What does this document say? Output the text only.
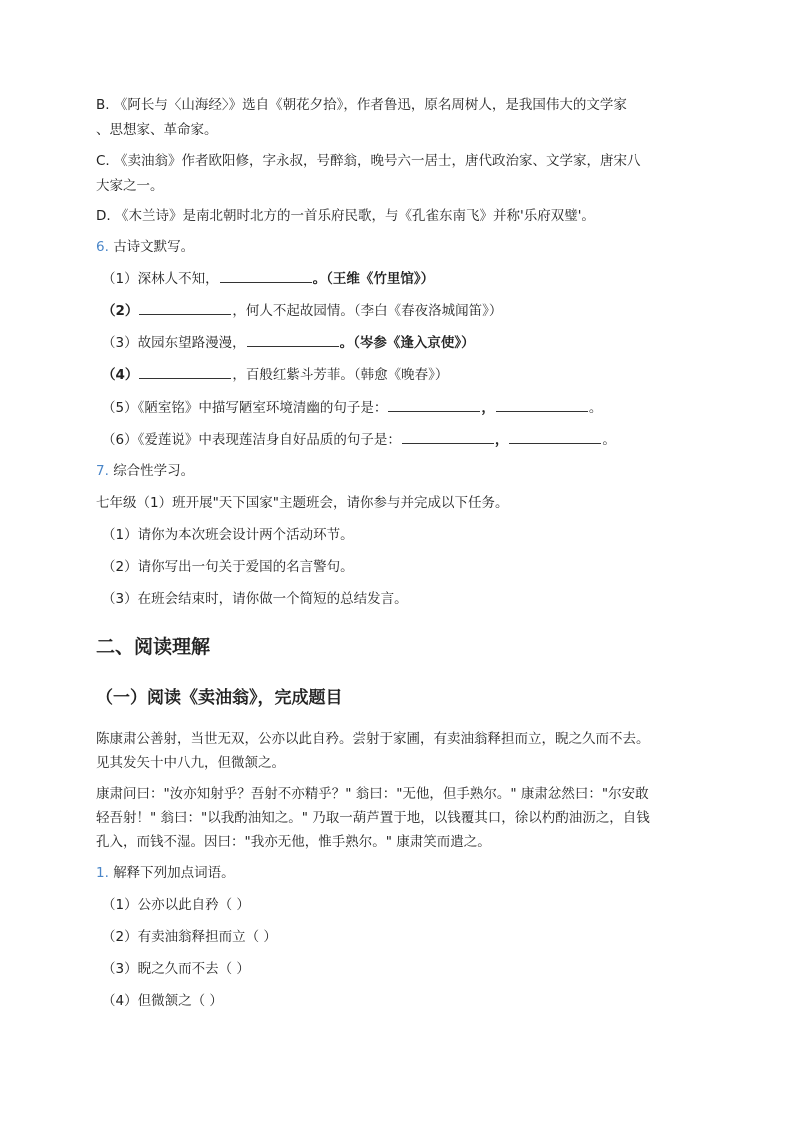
B. 《阿长与〈山海经〉》选自《朝花夕拾》，作者鲁迅，原名周树人，是我国伟大的文学家
、思想家、革命家。
C. 《卖油翁》作者欧阳修，字永叔，号醉翁，晚号六一居士，唐代政治家、文学家，唐宋八
大家之一。
D. 《木兰诗》是南北朝时北方的一首乐府民歌，与《孔雀东南飞》并称'乐府双璧'。
6. 古诗文默写。
（1）深林人不知，	。（王维《竹里馆》）
（2）	，何人不起故园情。（李白《春夜洛城闻笛》）
（3）故园东望路漫漫，	。（岑参《逢入京使》）
（4）	，百般红紫斗芳菲。（韩愈《晚春》）
（5）《陋室铭》中描写陋室环境清幽的句子是：	，	。
（6）《爱莲说》中表现莲洁身自好品质的句子是：	，	。
7. 综合性学习。
七年级（1）班开展"天下国家"主题班会，请你参与并完成以下任务。
（1）请你为本次班会设计两个活动环节。
（2）请你写出一句关于爱国的名言警句。
（3）在班会结束时，请你做一个简短的总结发言。
二、阅读理解
（一）阅读《卖油翁》，完成题目
陈康肃公善射，当世无双，公亦以此自矜。尝射于家圃，有卖油翁释担而立，睨之久而不去。
见其发矢十中八九，但微颔之。
康肃问曰："汝亦知射乎？吾射不亦精乎？" 翁曰："无他，但手熟尔。" 康肃忿然曰："尔安敢
轻吾射！" 翁曰："以我酌油知之。" 乃取一葫芦置于地，以钱覆其口，徐以杓酌油沥之，自钱
孔入，而钱不湿。因曰："我亦无他，惟手熟尔。" 康肃笑而遣之。
1. 解释下列加点词语。
（1）公亦以此自矜（ ）
（2）有卖油翁释担而立（ ）
（3）睨之久而不去（ ）
（4）但微颔之（ ）
